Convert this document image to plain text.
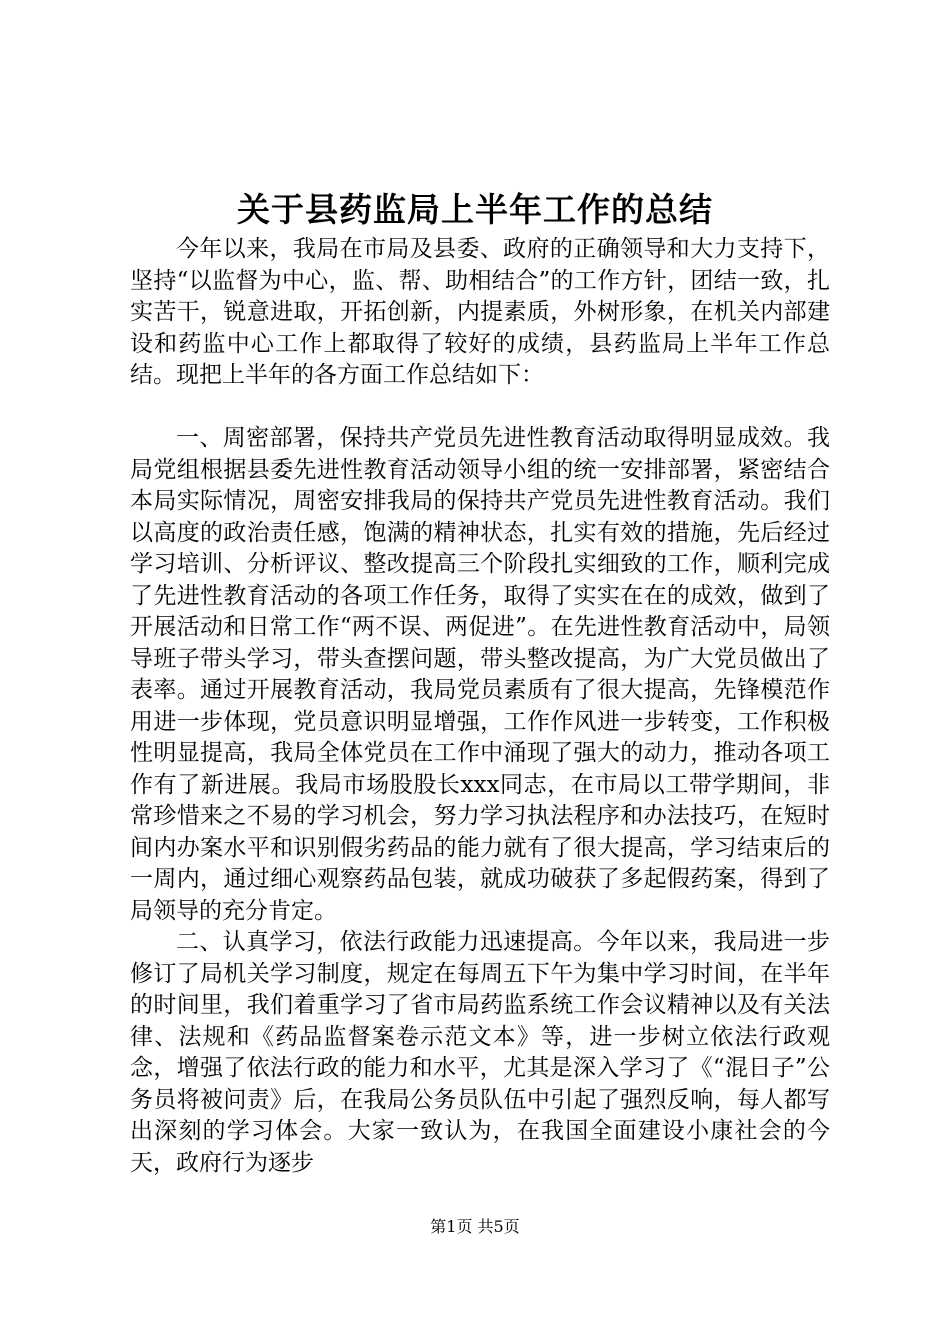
关于县药监局上半年工作的总结

今年以来，我局在市局及县委、政府的正确领导和大力支持下，坚持“以监督为中心，监、帮、助相结合”的工作方针，团结一致，扎实苦干，锐意进取，开拓创新，内提素质，外树形象，在机关内部建设和药监中心工作上都取得了较好的成绩，县药监局上半年工作总结。现把上半年的各方面工作总结如下：

一、周密部署，保持共产党员先进性教育活动取得明显成效。我局党组根据县委先进性教育活动领导小组的统一安排部署，紧密结合本局实际情况，周密安排我局的保持共产党员先进性教育活动。我们以高度的政治责任感，饱满的精神状态，扎实有效的措施，先后经过学习培训、分析评议、整改提高三个阶段扎实细致的工作，顺利完成了先进性教育活动的各项工作任务，取得了实实在在的成效，做到了开展活动和日常工作“两不误、两促进”。在先进性教育活动中，局领导班子带头学习，带头查摆问题，带头整改提高，为广大党员做出了表率。通过开展教育活动，我局党员素质有了很大提高，先锋模范作用进一步体现，党员意识明显增强，工作作风进一步转变，工作积极性明显提高，我局全体党员在工作中涌现了强大的动力，推动各项工作有了新进展。我局市场股股长xxx同志，在市局以工带学期间，非常珍惜来之不易的学习机会，努力学习执法程序和办法技巧，在短时间内办案水平和识别假劣药品的能力就有了很大提高，学习结束后的一周内，通过细心观察药品包装，就成功破获了多起假药案，得到了局领导的充分肯定。

二、认真学习，依法行政能力迅速提高。今年以来，我局进一步修订了局机关学习制度，规定在每周五下午为集中学习时间，在半年的时间里，我们着重学习了省市局药监系统工作会议精神以及有关法律、法规和《药品监督案卷示范文本》等，进一步树立依法行政观念，增强了依法行政的能力和水平，尤其是深入学习了《“混日子”公务员将被问责》后，在我局公务员队伍中引起了强烈反响，每人都写出深刻的学习体会。大家一致认为，在我国全面建设小康社会的今天，政府行为逐步

第1页 共5页
